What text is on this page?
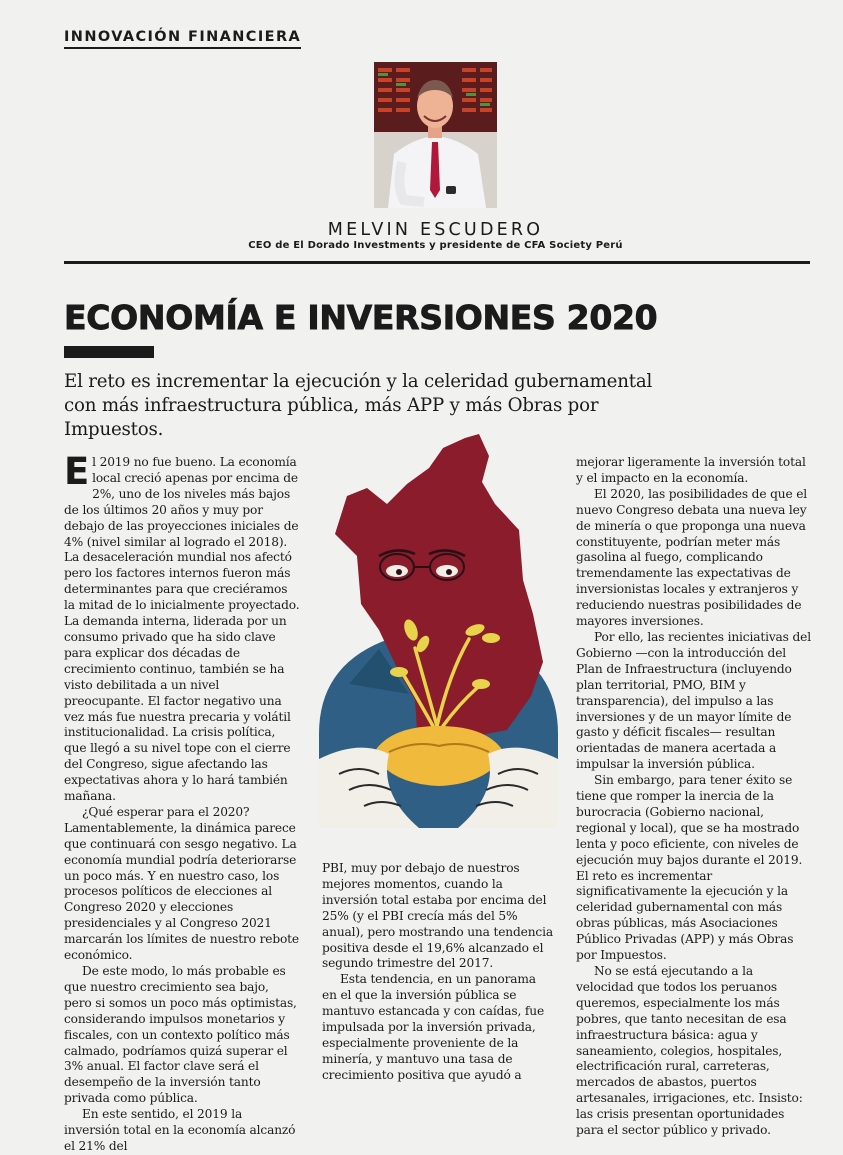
INNOVACIÓN FINANCIERA
MELVIN ESCUDERO
CEO de El Dorado Investments y presidente de CFA Society Perú
ECONOMÍA E INVERSIONES 2020
El reto es incrementar la ejecución y la celeridad gubernamental con más infraestructura pública, más APP y más Obras por Impuestos.

El 2019 no fue bueno. La economía local creció apenas por encima de 2%, uno de los niveles más bajos de los últimos 20 años y muy por debajo de las proyecciones iniciales de 4% (nivel similar al logrado el 2018). La desaceleración mundial nos afectó pero los factores internos fueron más determinantes para que creciéramos la mitad de lo inicialmente proyectado. La demanda interna, liderada por un consumo privado que ha sido clave para explicar dos décadas de crecimiento continuo, también se ha visto debilitada a un nivel preocupante. El factor negativo una vez más fue nuestra precaria y volátil institucionalidad. La crisis política, que llegó a su nivel tope con el cierre del Congreso, sigue afectando las expectativas ahora y lo hará también mañana.

¿Qué esperar para el 2020? Lamentablemente, la dinámica parece que continuará con sesgo negativo. La economía mundial podría deteriorarse un poco más. Y en nuestro caso, los procesos políticos de elecciones al Congreso 2020 y elecciones presidenciales y al Congreso 2021 marcarán los límites de nuestro rebote económico.

De este modo, lo más probable es que nuestro crecimiento sea bajo, pero si somos un poco más optimistas, considerando impulsos monetarios y fiscales, con un contexto político más calmado, podríamos quizá superar el 3% anual. El factor clave será el desempeño de la inversión tanto privada como pública.

En este sentido, el 2019 la inversión total en la economía alcanzó el 21% del

PBI, muy por debajo de nuestros mejores momentos, cuando la inversión total estaba por encima del 25% (y el PBI crecía más del 5% anual), pero mostrando una tendencia positiva desde el 19,6% alcanzado el segundo trimestre del 2017.

Esta tendencia, en un panorama en el que la inversión pública se mantuvo estancada y con caídas, fue impulsada por la inversión privada, especialmente proveniente de la minería, y mantuvo una tasa de crecimiento positiva que ayudó a

mejorar ligeramente la inversión total y el impacto en la economía.

El 2020, las posibilidades de que el nuevo Congreso debata una nueva ley de minería o que proponga una nueva constituyente, podrían meter más gasolina al fuego, complicando tremendamente las expectativas de inversionistas locales y extranjeros y reduciendo nuestras posibilidades de mayores inversiones.

Por ello, las recientes iniciativas del Gobierno —con la introducción del Plan de Infraestructura (incluyendo plan territorial, PMO, BIM y transparencia), del impulso a las inversiones y de un mayor límite de gasto y déficit fiscales— resultan orientadas de manera acertada a impulsar la inversión pública.

Sin embargo, para tener éxito se tiene que romper la inercia de la burocracia (Gobierno nacional, regional y local), que se ha mostrado lenta y poco eficiente, con niveles de ejecución muy bajos durante el 2019. El reto es incrementar significativamente la ejecución y la celeridad gubernamental con más obras públicas, más Asociaciones Público Privadas (APP) y más Obras por Impuestos.

No se está ejecutando a la velocidad que todos los peruanos queremos, especialmente los más pobres, que tanto necesitan de esa infraestructura básica: agua y saneamiento, colegios, hospitales, electrificación rural, carreteras, mercados de abastos, puertos artesanales, irrigaciones, etc. Insisto: las crisis presentan oportunidades para el sector público y privado.
